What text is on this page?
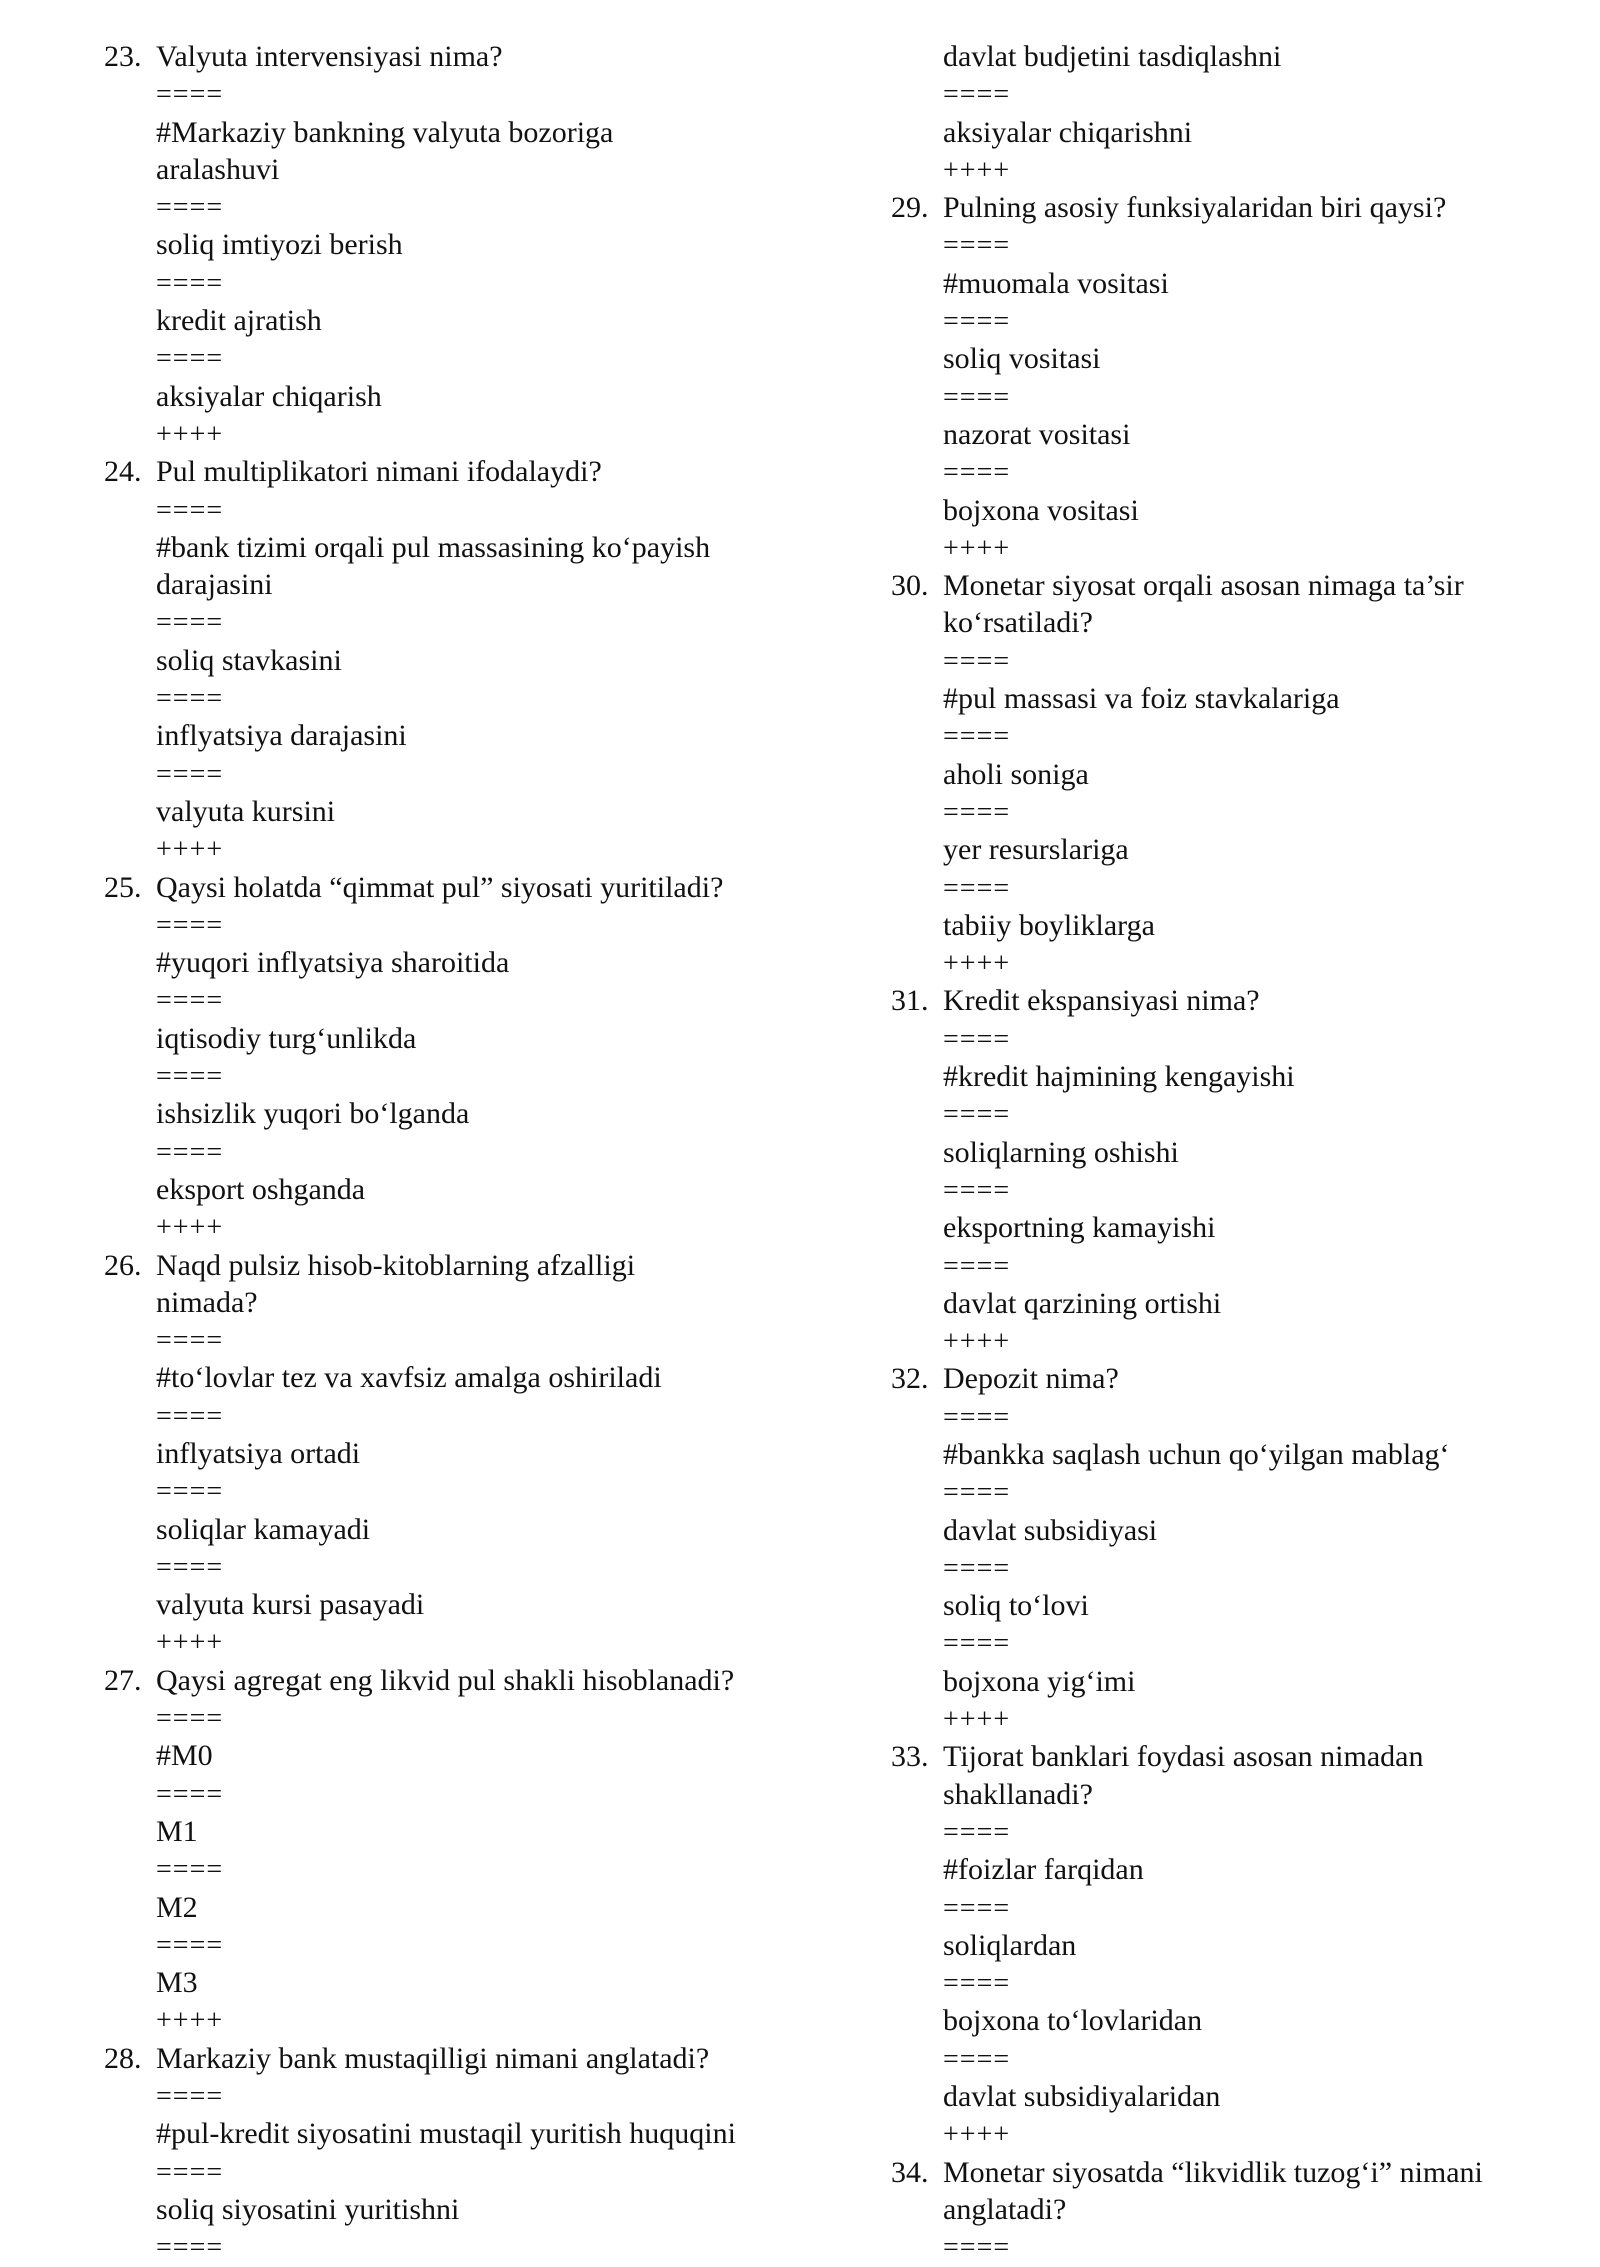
23. Valyuta intervensiyasi nima?
====
#Markaziy bankning valyuta bozoriga
aralashuvi
====
soliq imtiyozi berish
====
kredit ajratish
====
aksiyalar chiqarish
++++
24. Pul multiplikatori nimani ifodalaydi?
====
#bank tizimi orqali pul massasining ko‘payish
darajasini
====
soliq stavkasini
====
inflyatsiya darajasini
====
valyuta kursini
++++
25. Qaysi holatda “qimmat pul” siyosati yuritiladi?
====
#yuqori inflyatsiya sharoitida
====
iqtisodiy turg‘unlikda
====
ishsizlik yuqori bo‘lganda
====
eksport oshganda
++++
26. Naqd pulsiz hisob-kitoblarning afzalligi
nimada?
====
#to‘lovlar tez va xavfsiz amalga oshiriladi
====
inflyatsiya ortadi
====
soliqlar kamayadi
====
valyuta kursi pasayadi
++++
27. Qaysi agregat eng likvid pul shakli hisoblanadi?
====
#M0
====
M1
====
M2
====
M3
++++
28. Markaziy bank mustaqilligi nimani anglatadi?
====
#pul-kredit siyosatini mustaqil yuritish huquqini
====
soliq siyosatini yuritishni
====
davlat budjetini tasdiqlashni
====
aksiyalar chiqarishni
++++
29. Pulning asosiy funksiyalaridan biri qaysi?
====
#muomala vositasi
====
soliq vositasi
====
nazorat vositasi
====
bojxona vositasi
++++
30. Monetar siyosat orqali asosan nimaga ta’sir
ko‘rsatiladi?
====
#pul massasi va foiz stavkalariga
====
aholi soniga
====
yer resurslariga
====
tabiiy boyliklarga
++++
31. Kredit ekspansiyasi nima?
====
#kredit hajmining kengayishi
====
soliqlarning oshishi
====
eksportning kamayishi
====
davlat qarzining ortishi
++++
32. Depozit nima?
====
#bankka saqlash uchun qo‘yilgan mablag‘
====
davlat subsidiyasi
====
soliq to‘lovi
====
bojxona yig‘imi
++++
33. Tijorat banklari foydasi asosan nimadan
shakllanadi?
====
#foizlar farqidan
====
soliqlardan
====
bojxona to‘lovlaridan
====
davlat subsidiyalaridan
++++
34. Monetar siyosatda “likvidlik tuzog‘i” nimani
anglatadi?
====
